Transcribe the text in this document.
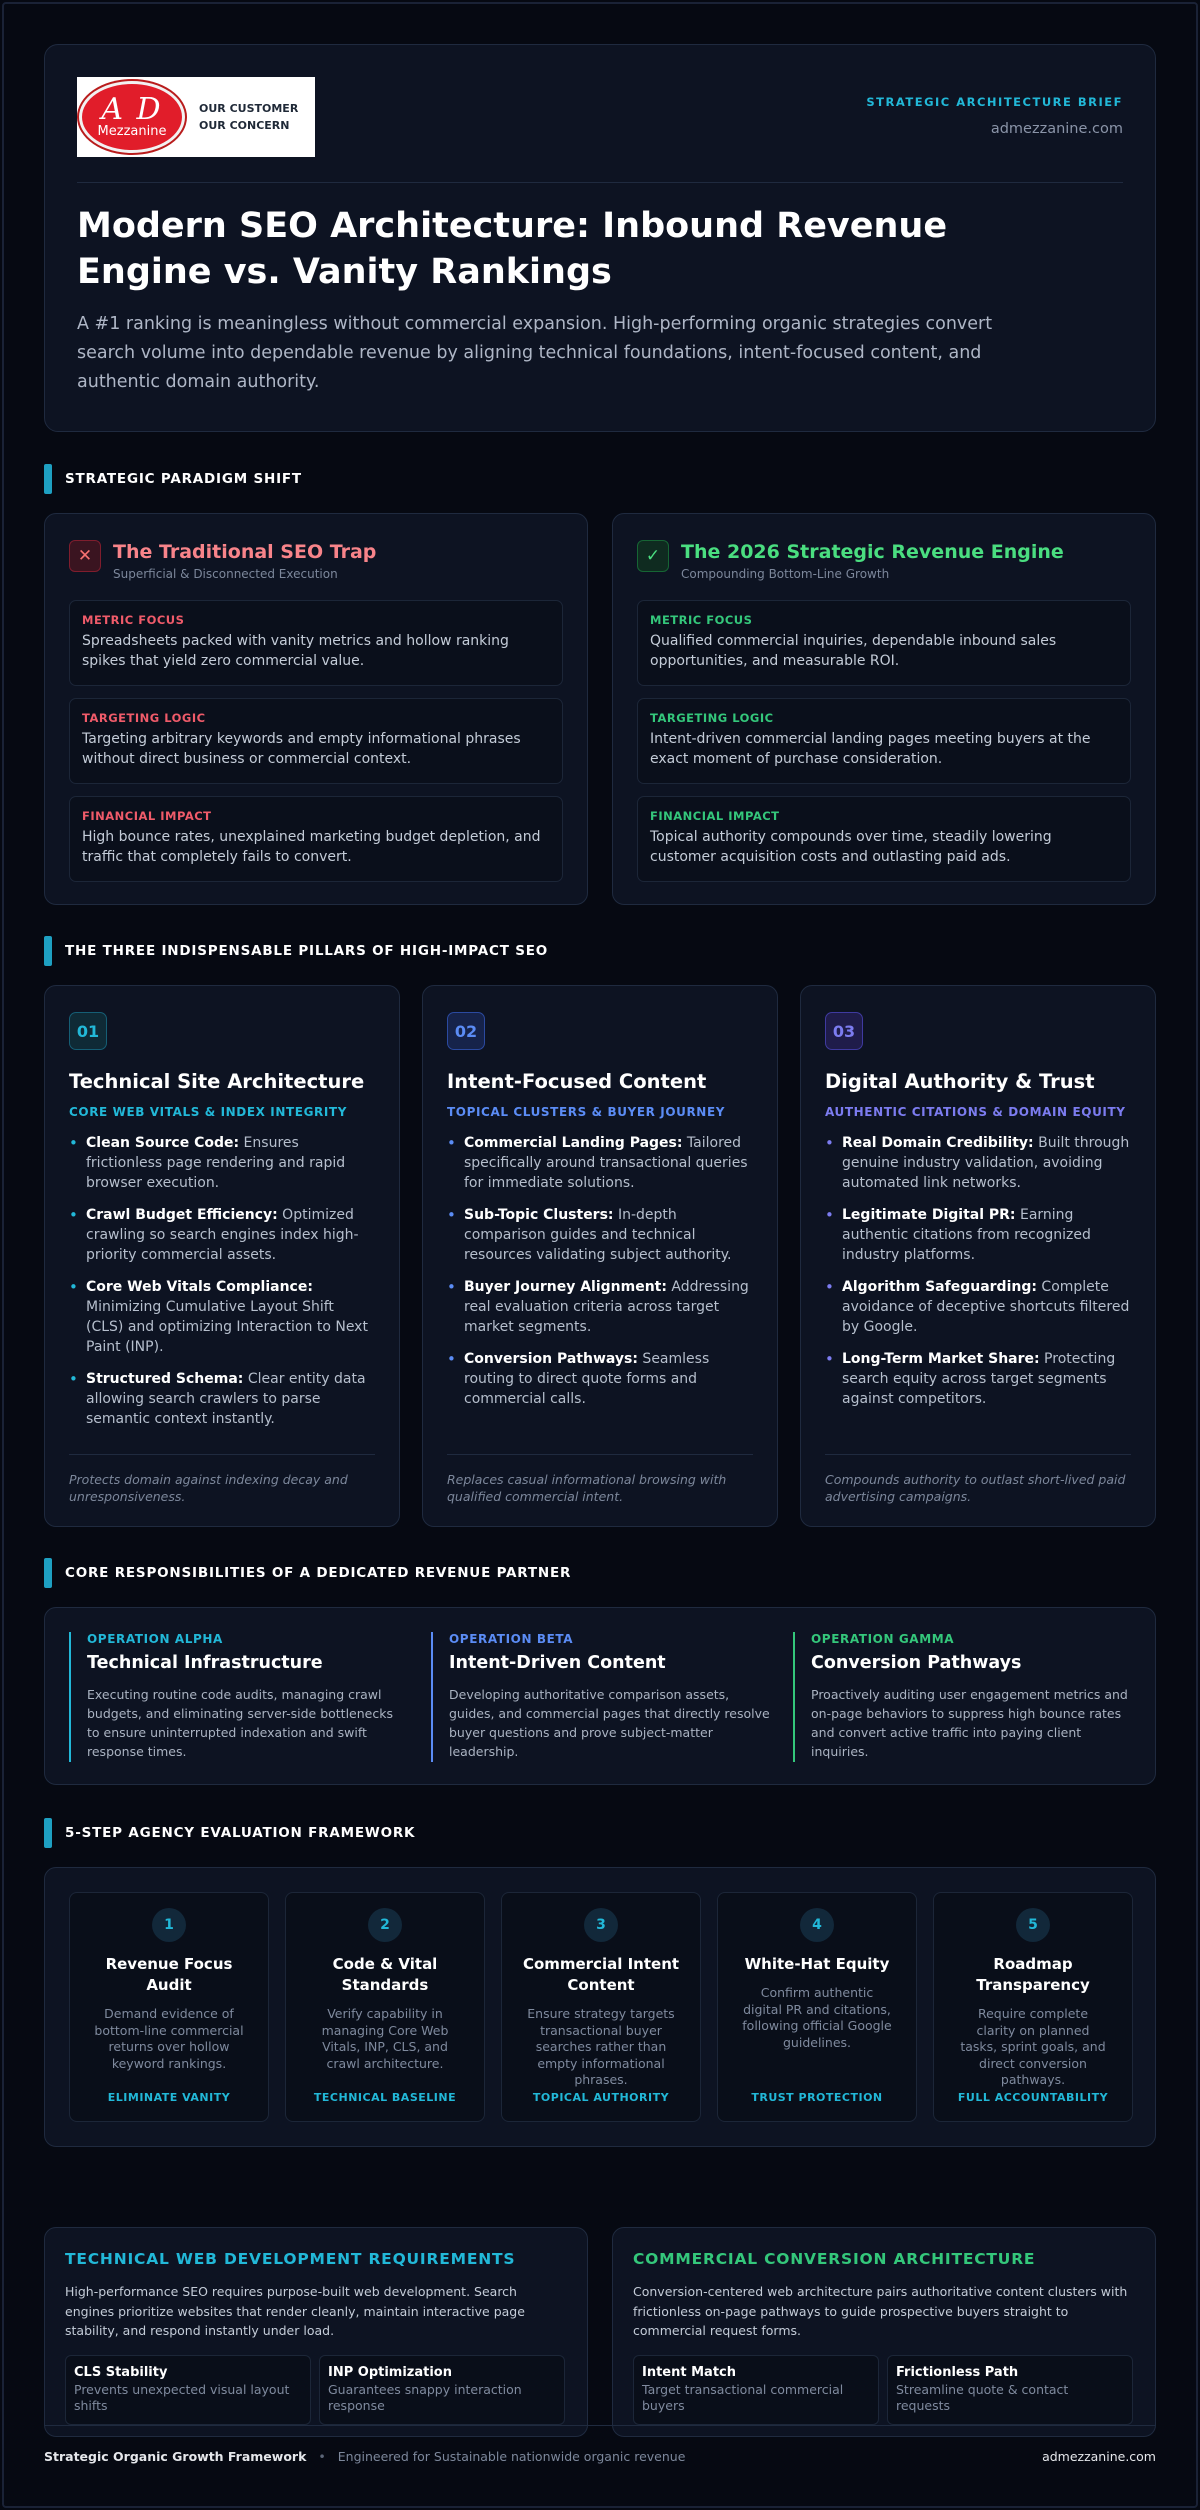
A D
Mezzanine
OUR CUSTOMER
OUR CONCERN
STRATEGIC ARCHITECTURE BRIEF
admezzanine.com
Modern SEO Architecture: Inbound Revenue Engine vs. Vanity Rankings

A #1 ranking is meaningless without commercial expansion. High-performing organic strategies convert search volume into dependable revenue by aligning technical foundations, intent-focused content, and authentic domain authority.

STRATEGIC PARADIGM SHIFT
✕	The Traditional SEO Trap
Superficial & Disconnected Execution
METRIC FOCUS
Spreadsheets packed with vanity metrics and hollow ranking spikes that yield zero commercial value.
TARGETING LOGIC
Targeting arbitrary keywords and empty informational phrases without direct business or commercial context.
FINANCIAL IMPACT
High bounce rates, unexplained marketing budget depletion, and traffic that completely fails to convert.
✓	The 2026 Strategic Revenue Engine
Compounding Bottom-Line Growth
METRIC FOCUS
Qualified commercial inquiries, dependable inbound sales opportunities, and measurable ROI.
TARGETING LOGIC
Intent-driven commercial landing pages meeting buyers at the exact moment of purchase consideration.
FINANCIAL IMPACT
Topical authority compounds over time, steadily lowering customer acquisition costs and outlasting paid ads.
THE THREE INDISPENSABLE PILLARS OF HIGH-IMPACT SEO
01
Technical Site Architecture
CORE WEB VITALS & INDEX INTEGRITY
• Clean Source Code: Ensures frictionless page rendering and rapid browser execution.
• Crawl Budget Efficiency: Optimized crawling so search engines index high-priority commercial assets.
• Core Web Vitals Compliance: Minimizing Cumulative Layout Shift (CLS) and optimizing Interaction to Next Paint (INP).
• Structured Schema: Clear entity data allowing search crawlers to parse semantic context instantly.
Protects domain against indexing decay and unresponsiveness.
02
Intent-Focused Content
TOPICAL CLUSTERS & BUYER JOURNEY
• Commercial Landing Pages: Tailored specifically around transactional queries for immediate solutions.
• Sub-Topic Clusters: In-depth comparison guides and technical resources validating subject authority.
• Buyer Journey Alignment: Addressing real evaluation criteria across target market segments.
• Conversion Pathways: Seamless routing to direct quote forms and commercial calls.
Replaces casual informational browsing with qualified commercial intent.
03
Digital Authority & Trust
AUTHENTIC CITATIONS & DOMAIN EQUITY
• Real Domain Credibility: Built through genuine industry validation, avoiding automated link networks.
• Legitimate Digital PR: Earning authentic citations from recognized industry platforms.
• Algorithm Safeguarding: Complete avoidance of deceptive shortcuts filtered by Google.
• Long-Term Market Share: Protecting search equity across target segments against competitors.
Compounds authority to outlast short-lived paid advertising campaigns.
CORE RESPONSIBILITIES OF A DEDICATED REVENUE PARTNER
OPERATION ALPHA
Technical Infrastructure
Executing routine code audits, managing crawl budgets, and eliminating server-side bottlenecks to ensure uninterrupted indexation and swift response times.
OPERATION BETA
Intent-Driven Content
Developing authoritative comparison assets, guides, and commercial pages that directly resolve buyer questions and prove subject-matter leadership.
OPERATION GAMMA
Conversion Pathways
Proactively auditing user engagement metrics and on-page behaviors to suppress high bounce rates and convert active traffic into paying client inquiries.
5-STEP AGENCY EVALUATION FRAMEWORK
1
Revenue Focus Audit
Demand evidence of bottom-line commercial returns over hollow keyword rankings.
ELIMINATE VANITY
2
Code & Vital Standards
Verify capability in managing Core Web Vitals, INP, CLS, and crawl architecture.
TECHNICAL BASELINE
3
Commercial Intent Content
Ensure strategy targets transactional buyer searches rather than empty informational phrases.
TOPICAL AUTHORITY
4
White-Hat Equity
Confirm authentic digital PR and citations, following official Google guidelines.
TRUST PROTECTION
5
Roadmap Transparency
Require complete clarity on planned tasks, sprint goals, and direct conversion pathways.
FULL ACCOUNTABILITY
TECHNICAL WEB DEVELOPMENT REQUIREMENTS
High-performance SEO requires purpose-built web development. Search engines prioritize websites that render cleanly, maintain interactive page stability, and respond instantly under load.
CLS Stability
Prevents unexpected visual layout shifts
INP Optimization
Guarantees snappy interaction response
COMMERCIAL CONVERSION ARCHITECTURE
Conversion-centered web architecture pairs authoritative content clusters with frictionless on-page pathways to guide prospective buyers straight to commercial request forms.
Intent Match
Target transactional commercial buyers
Frictionless Path
Streamline quote & contact requests
Strategic Organic Growth Framework • Engineered for Sustainable nationwide organic revenue	admezzanine.com
